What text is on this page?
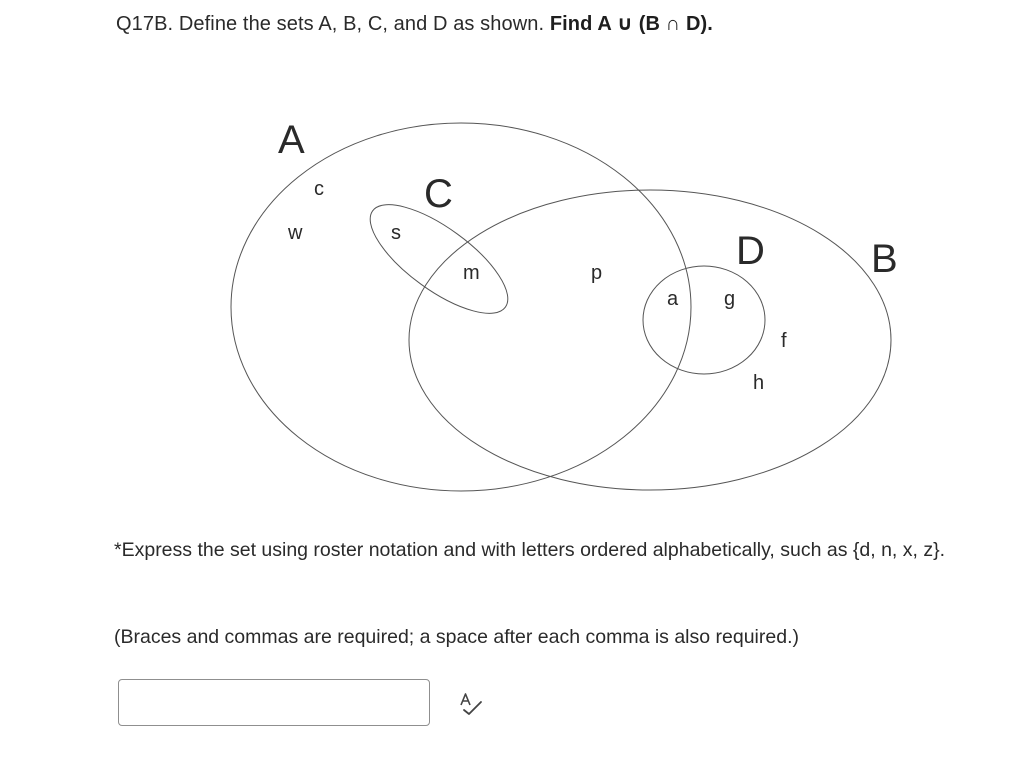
Q17B. Define the sets A, B, C, and D as shown. Find A ∪ (B ∩ D).
A
C
D	B
c
w	s
m	p
a g
f
h
*Express the set using roster notation and with letters ordered alphabetically, such as {d, n, x, z}.
(Braces and commas are required; a space after each comma is also required.)
